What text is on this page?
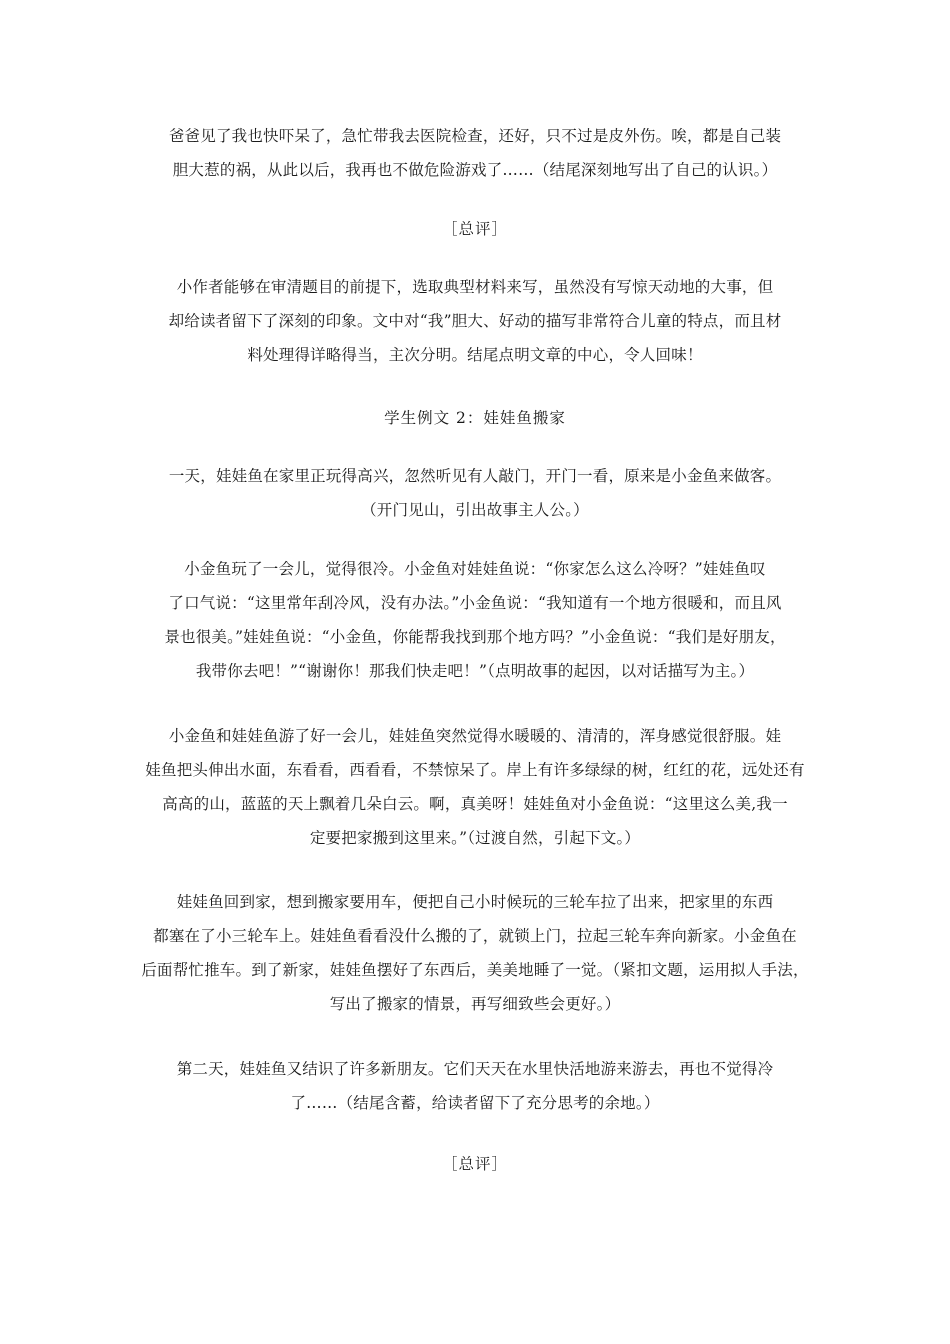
爸爸见了我也快吓呆了，急忙带我去医院检查，还好，只不过是皮外伤。唉，都是自己装
胆大惹的祸，从此以后，我再也不做危险游戏了……（结尾深刻地写出了自己的认识。）
［总评］
小作者能够在审清题目的前提下，选取典型材料来写，虽然没有写惊天动地的大事，但
却给读者留下了深刻的印象。文中对“我”胆大、好动的描写非常符合儿童的特点，而且材
料处理得详略得当，主次分明。结尾点明文章的中心，令人回味！
学生例文 2：娃娃鱼搬家
一天，娃娃鱼在家里正玩得高兴，忽然听见有人敲门，开门一看，原来是小金鱼来做客。
（开门见山，引出故事主人公。）
小金鱼玩了一会儿，觉得很冷。小金鱼对娃娃鱼说：“你家怎么这么冷呀？”娃娃鱼叹
了口气说：“这里常年刮冷风，没有办法。”小金鱼说：“我知道有一个地方很暖和，而且风
景也很美。”娃娃鱼说：“小金鱼，你能帮我找到那个地方吗？”小金鱼说：“我们是好朋友，
我带你去吧！”“谢谢你！那我们快走吧！”（点明故事的起因，以对话描写为主。）
小金鱼和娃娃鱼游了好一会儿，娃娃鱼突然觉得水暖暖的、清清的，浑身感觉很舒服。娃
娃鱼把头伸出水面，东看看，西看看，不禁惊呆了。岸上有许多绿绿的树，红红的花，远处还有
高高的山，蓝蓝的天上飘着几朵白云。啊，真美呀！娃娃鱼对小金鱼说：“这里这么美,我一
定要把家搬到这里来。”（过渡自然，引起下文。）
娃娃鱼回到家，想到搬家要用车，便把自己小时候玩的三轮车拉了出来，把家里的东西
都塞在了小三轮车上。娃娃鱼看看没什么搬的了，就锁上门，拉起三轮车奔向新家。小金鱼在
后面帮忙推车。到了新家，娃娃鱼摆好了东西后，美美地睡了一觉。（紧扣文题，运用拟人手法，
写出了搬家的情景，再写细致些会更好。）
第二天，娃娃鱼又结识了许多新朋友。它们天天在水里快活地游来游去，再也不觉得冷
了……（结尾含蓄，给读者留下了充分思考的余地。）
［总评］
